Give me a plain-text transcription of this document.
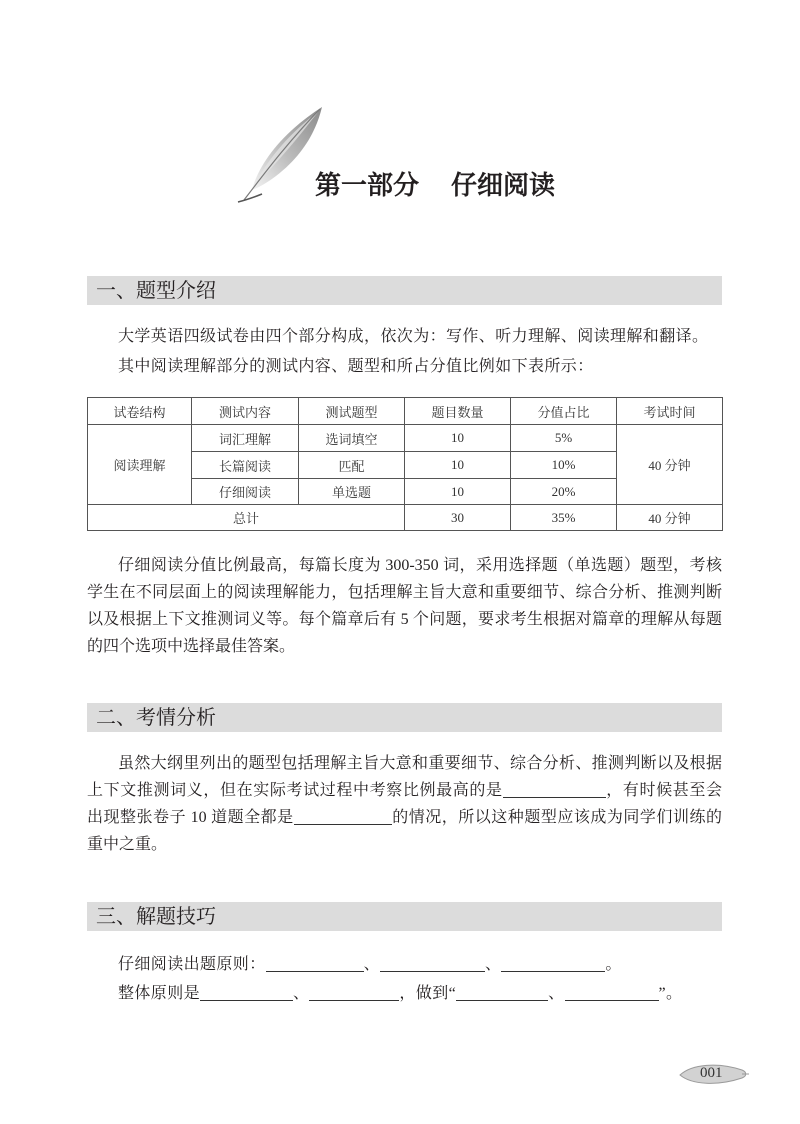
第一部分 仔细阅读
一、题型介绍
大学英语四级试卷由四个部分构成，依次为：写作、听力理解、阅读理解和翻译。
其中阅读理解部分的测试内容、题型和所占分值比例如下表所示：
试卷结构	测试内容	测试题型	题目数量	分值占比	考试时间
阅读理解	词汇理解	选词填空	10	5%	40 分钟
	长篇阅读	匹配	10	10%	
	仔细阅读	单选题	10	20%	
总计			30	35%	40 分钟
仔细阅读分值比例最高，每篇长度为 300-350 词，采用选择题（单选题）题型，考核
学生在不同层面上的阅读理解能力，包括理解主旨大意和重要细节、综合分析、推测判断
以及根据上下文推测词义等。每个篇章后有 5 个问题，要求考生根据对篇章的理解从每题
的四个选项中选择最佳答案。
二、考情分析
虽然大纲里列出的题型包括理解主旨大意和重要细节、综合分析、推测判断以及根据
上下文推测词义，但在实际考试过程中考察比例最高的是	，有时候甚至会
出现整张卷子 10 道题全都是	的情况，所以这种题型应该成为同学们训练的
重中之重。
三、解题技巧
仔细阅读出题原则：	、	、	。
整体原则是	、	，做到“	、	”。
001
